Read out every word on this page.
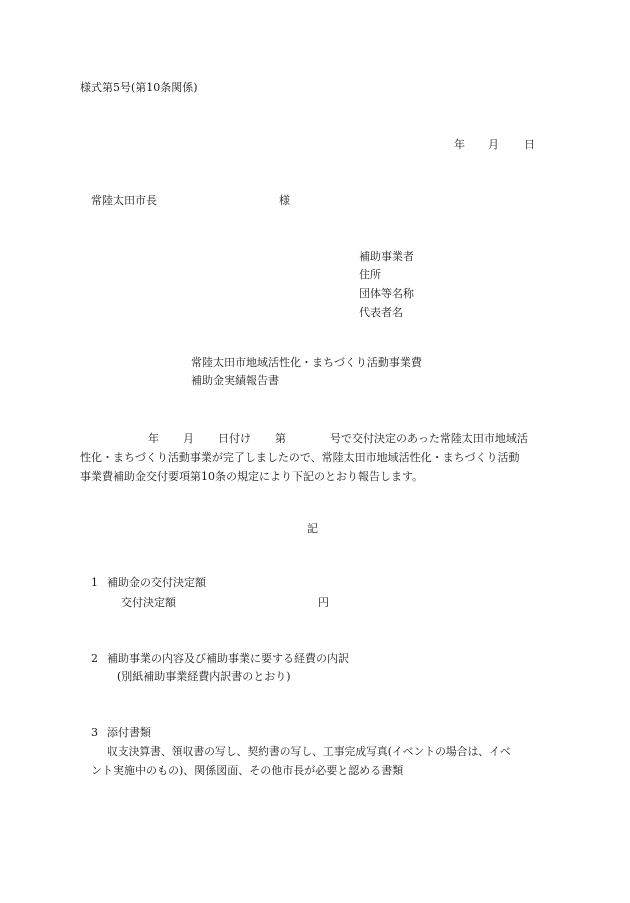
様式第5号(第10条関係)
年 月 日
常陸太田市長	様
補助事業者
住所
団体等名称
代表者名
常陸太田市地域活性化・まちづくり活動事業費
補助金実績報告書
年 月 日付け 第	号で交付決定のあった常陸太田市地域活
性化・まちづくり活動事業が完了しましたので、常陸太田市地域活性化・まちづくり活動
事業費補助金交付要項第10条の規定により下記のとおり報告します。
記
1 補助金の交付決定額
交付決定額	円
2 補助事業の内容及び補助事業に要する経費の内訳
(別紙補助事業経費内訳書のとおり)
3 添付書類
収支決算書、領収書の写し、契約書の写し、工事完成写真(イベントの場合は、イベ
ント実施中のもの)、関係図面、その他市長が必要と認める書類
